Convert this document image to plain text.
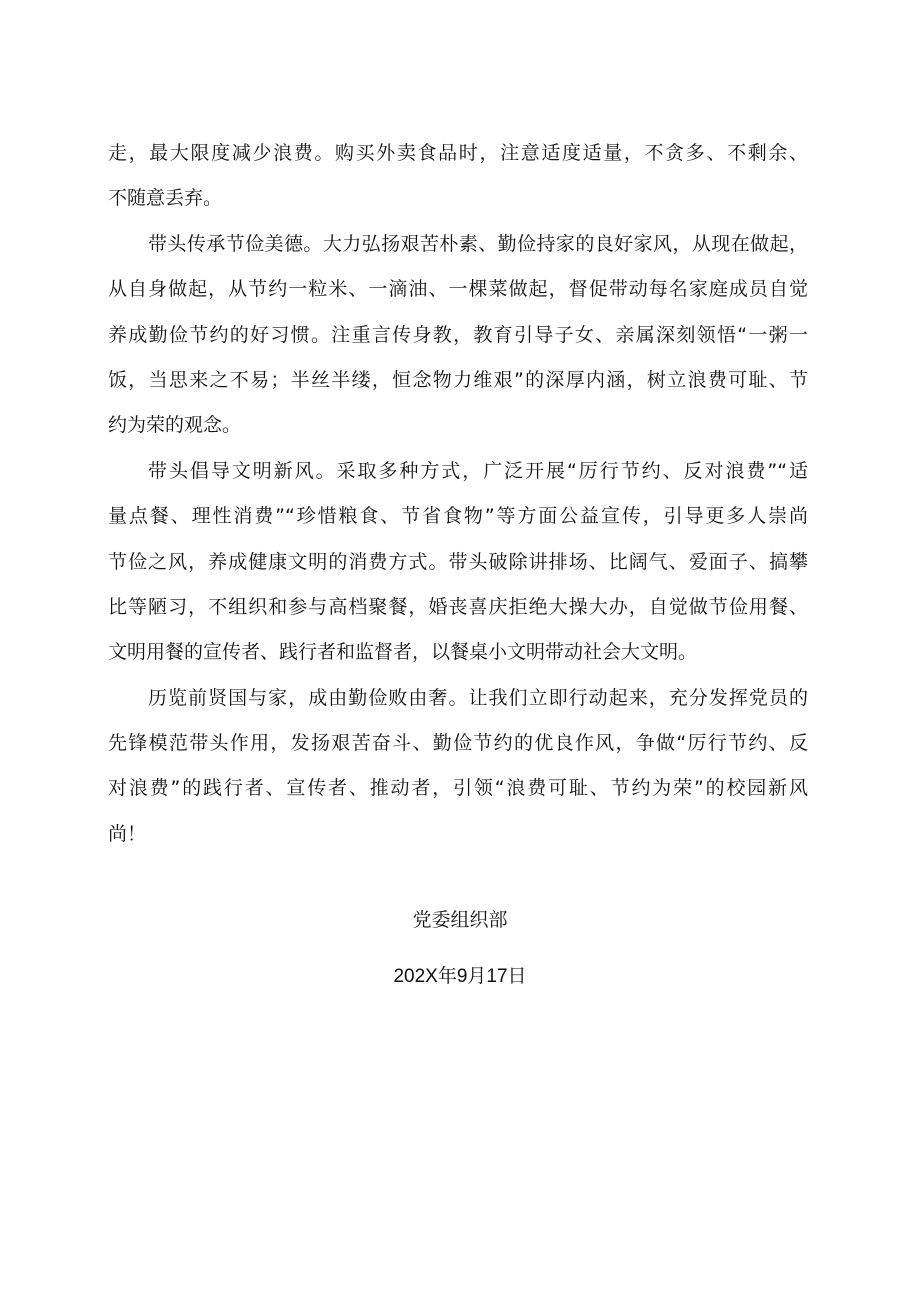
走，最大限度减少浪费。购买外卖食品时，注意适度适量，不贪多、不剩余、
不随意丢弃。

带头传承节俭美德。大力弘扬艰苦朴素、勤俭持家的良好家风，从现在做起，
从自身做起，从节约一粒米、一滴油、一棵菜做起，督促带动每名家庭成员自觉
养成勤俭节约的好习惯。注重言传身教，教育引导子女、亲属深刻领悟“一粥一
饭，当思来之不易；半丝半缕，恒念物力维艰”的深厚内涵，树立浪费可耻、节
约为荣的观念。

带头倡导文明新风。采取多种方式，广泛开展“厉行节约、反对浪费”“适
量点餐、理性消费”“珍惜粮食、节省食物”等方面公益宣传，引导更多人崇尚
节俭之风，养成健康文明的消费方式。带头破除讲排场、比阔气、爱面子、搞攀
比等陋习，不组织和参与高档聚餐，婚丧喜庆拒绝大操大办，自觉做节俭用餐、
文明用餐的宣传者、践行者和监督者，以餐桌小文明带动社会大文明。

历览前贤国与家，成由勤俭败由奢。让我们立即行动起来，充分发挥党员的
先锋模范带头作用，发扬艰苦奋斗、勤俭节约的优良作风，争做“厉行节约、反
对浪费”的践行者、宣传者、推动者，引领“浪费可耻、节约为荣”的校园新风
尚！

党委组织部
202X年9月17日
